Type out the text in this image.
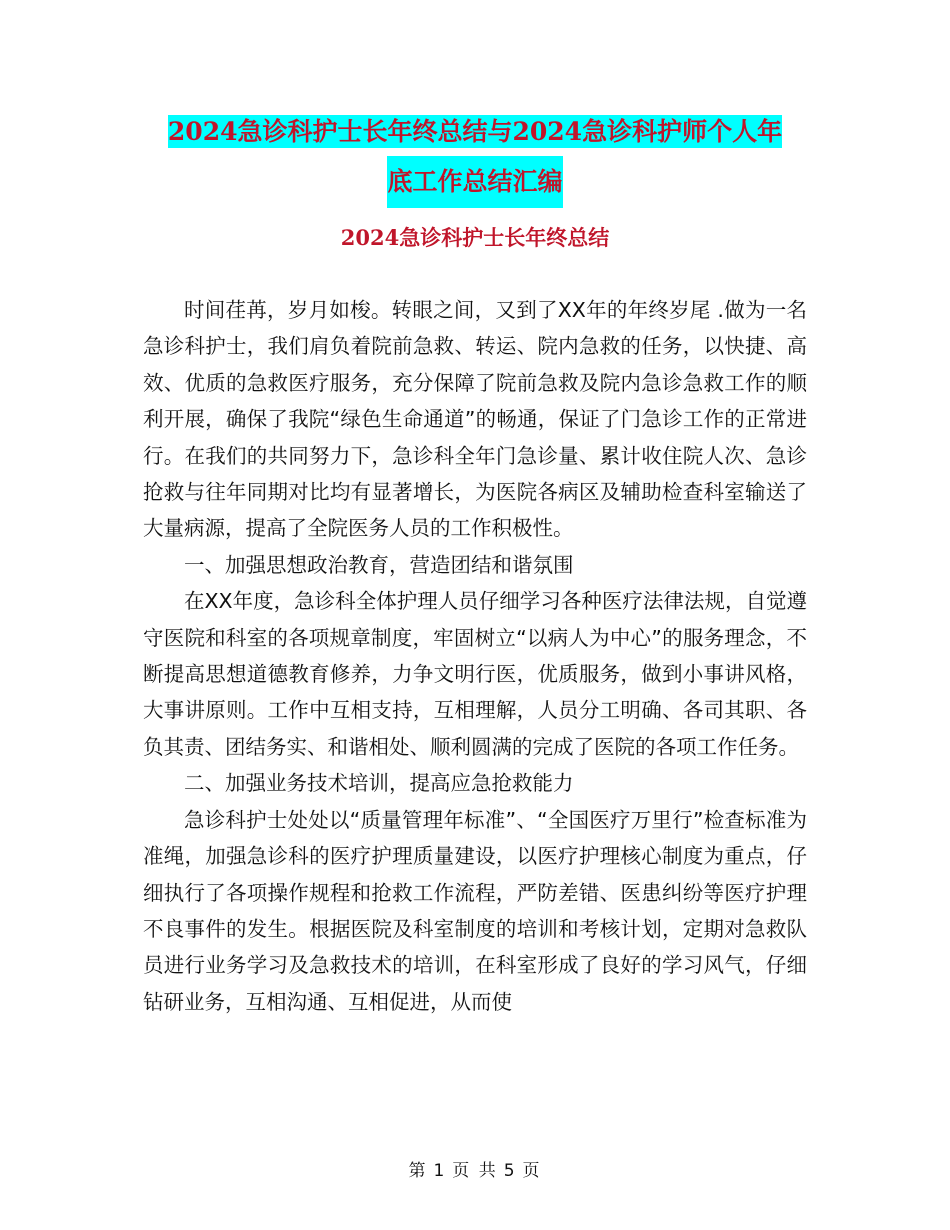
2024急诊科护士长年终总结与2024急诊科护师个人年
底工作总结汇编
2024急诊科护士长年终总结

时间荏苒，岁月如梭。转眼之间，又到了XX年的年终岁尾 .做为一名急诊科护士，我们肩负着院前急救、转运、院内急救的任务，以快捷、高效、优质的急救医疗服务，充分保障了院前急救及院内急诊急救工作的顺利开展，确保了我院“绿色生命通道”的畅通，保证了门急诊工作的正常进行。在我们的共同努力下，急诊科全年门急诊量、累计收住院人次、急诊抢救与往年同期对比均有显著增长，为医院各病区及辅助检查科室输送了大量病源，提高了全院医务人员的工作积极性。

一、加强思想政治教育，营造团结和谐氛围

在XX年度，急诊科全体护理人员仔细学习各种医疗法律法规，自觉遵守医院和科室的各项规章制度，牢固树立“以病人为中心”的服务理念，不断提高思想道德教育修养，力争文明行医，优质服务，做到小事讲风格，大事讲原则。工作中互相支持，互相理解，人员分工明确、各司其职、各负其责、团结务实、和谐相处、顺利圆满的完成了医院的各项工作任务。

二、加强业务技术培训，提高应急抢救能力

急诊科护士处处以“质量管理年标准”、“全国医疗万里行”检查标准为准绳，加强急诊科的医疗护理质量建设，以医疗护理核心制度为重点，仔细执行了各项操作规程和抢救工作流程，严防差错、医患纠纷等医疗护理不良事件的发生。根据医院及科室制度的培训和考核计划，定期对急救队员进行业务学习及急救技术的培训，在科室形成了良好的学习风气，仔细钻研业务，互相沟通、互相促进，从而使

第 1 页 共 5 页
